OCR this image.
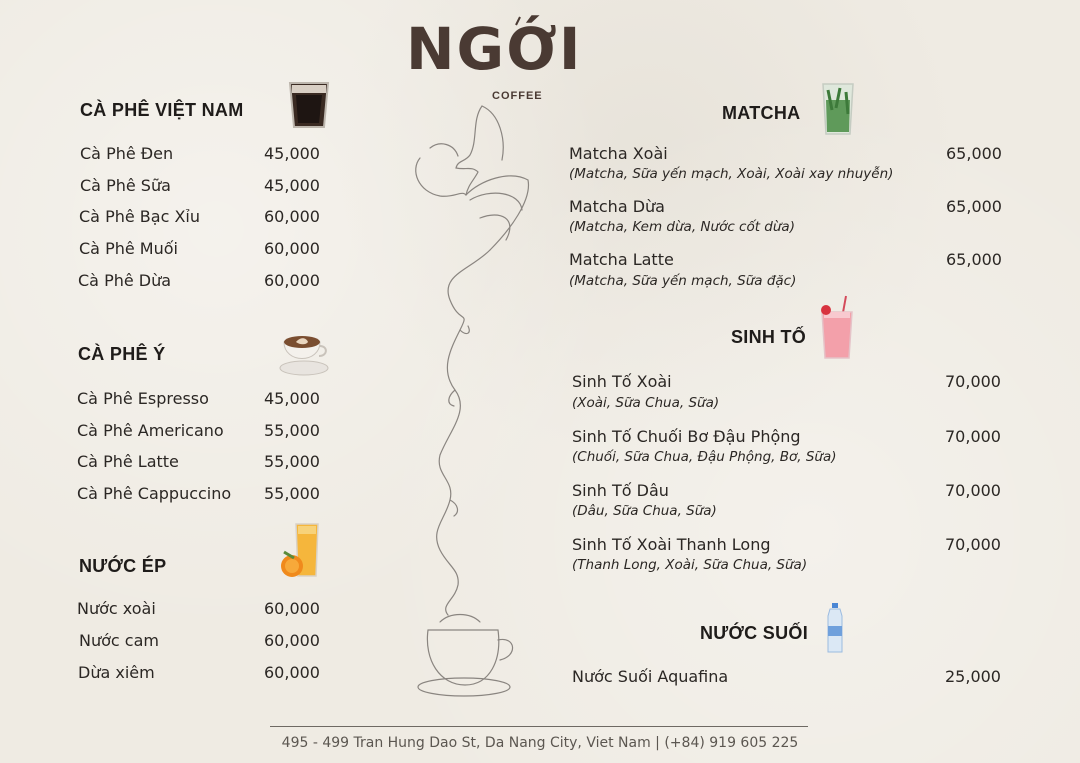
NGỚI
COFFEE
CÀ PHÊ VIỆT NAM
Cà Phê Đen	45,000
Cà Phê Sữa	45,000
Cà Phê Bạc Xỉu	60,000
Cà Phê Muối	60,000
Cà Phê Dừa	60,000
CÀ PHÊ Ý
Cà Phê Espresso	45,000
Cà Phê Americano	55,000
Cà Phê Latte	55,000
Cà Phê Cappuccino 55,000
NƯỚC ÉP
Nước xoài	60,000
Nước cam	60,000
Dừa xiêm	60,000
MATCHA
Matcha Xoài	65,000
(Matcha, Sữa yến mạch, Xoài, Xoài xay nhuyễn)
Matcha Dừa	65,000
(Matcha, Kem dừa, Nước cốt dừa)
Matcha Latte	65,000
(Matcha, Sữa yến mạch, Sữa đặc)
SINH TỐ
Sinh Tố Xoài	70,000
(Xoài, Sữa Chua, Sữa)
Sinh Tố Chuối Bơ Đậu Phộng	70,000
(Chuối, Sữa Chua, Đậu Phộng, Bơ, Sữa)
Sinh Tố Dâu	70,000
(Dâu, Sữa Chua, Sữa)
Sinh Tố Xoài Thanh Long	70,000
(Thanh Long, Xoài, Sữa Chua, Sữa)
NƯỚC SUỐI
Nước Suối Aquafina	25,000
495 - 499 Tran Hung Dao St, Da Nang City, Viet Nam | (+84) 919 605 225
